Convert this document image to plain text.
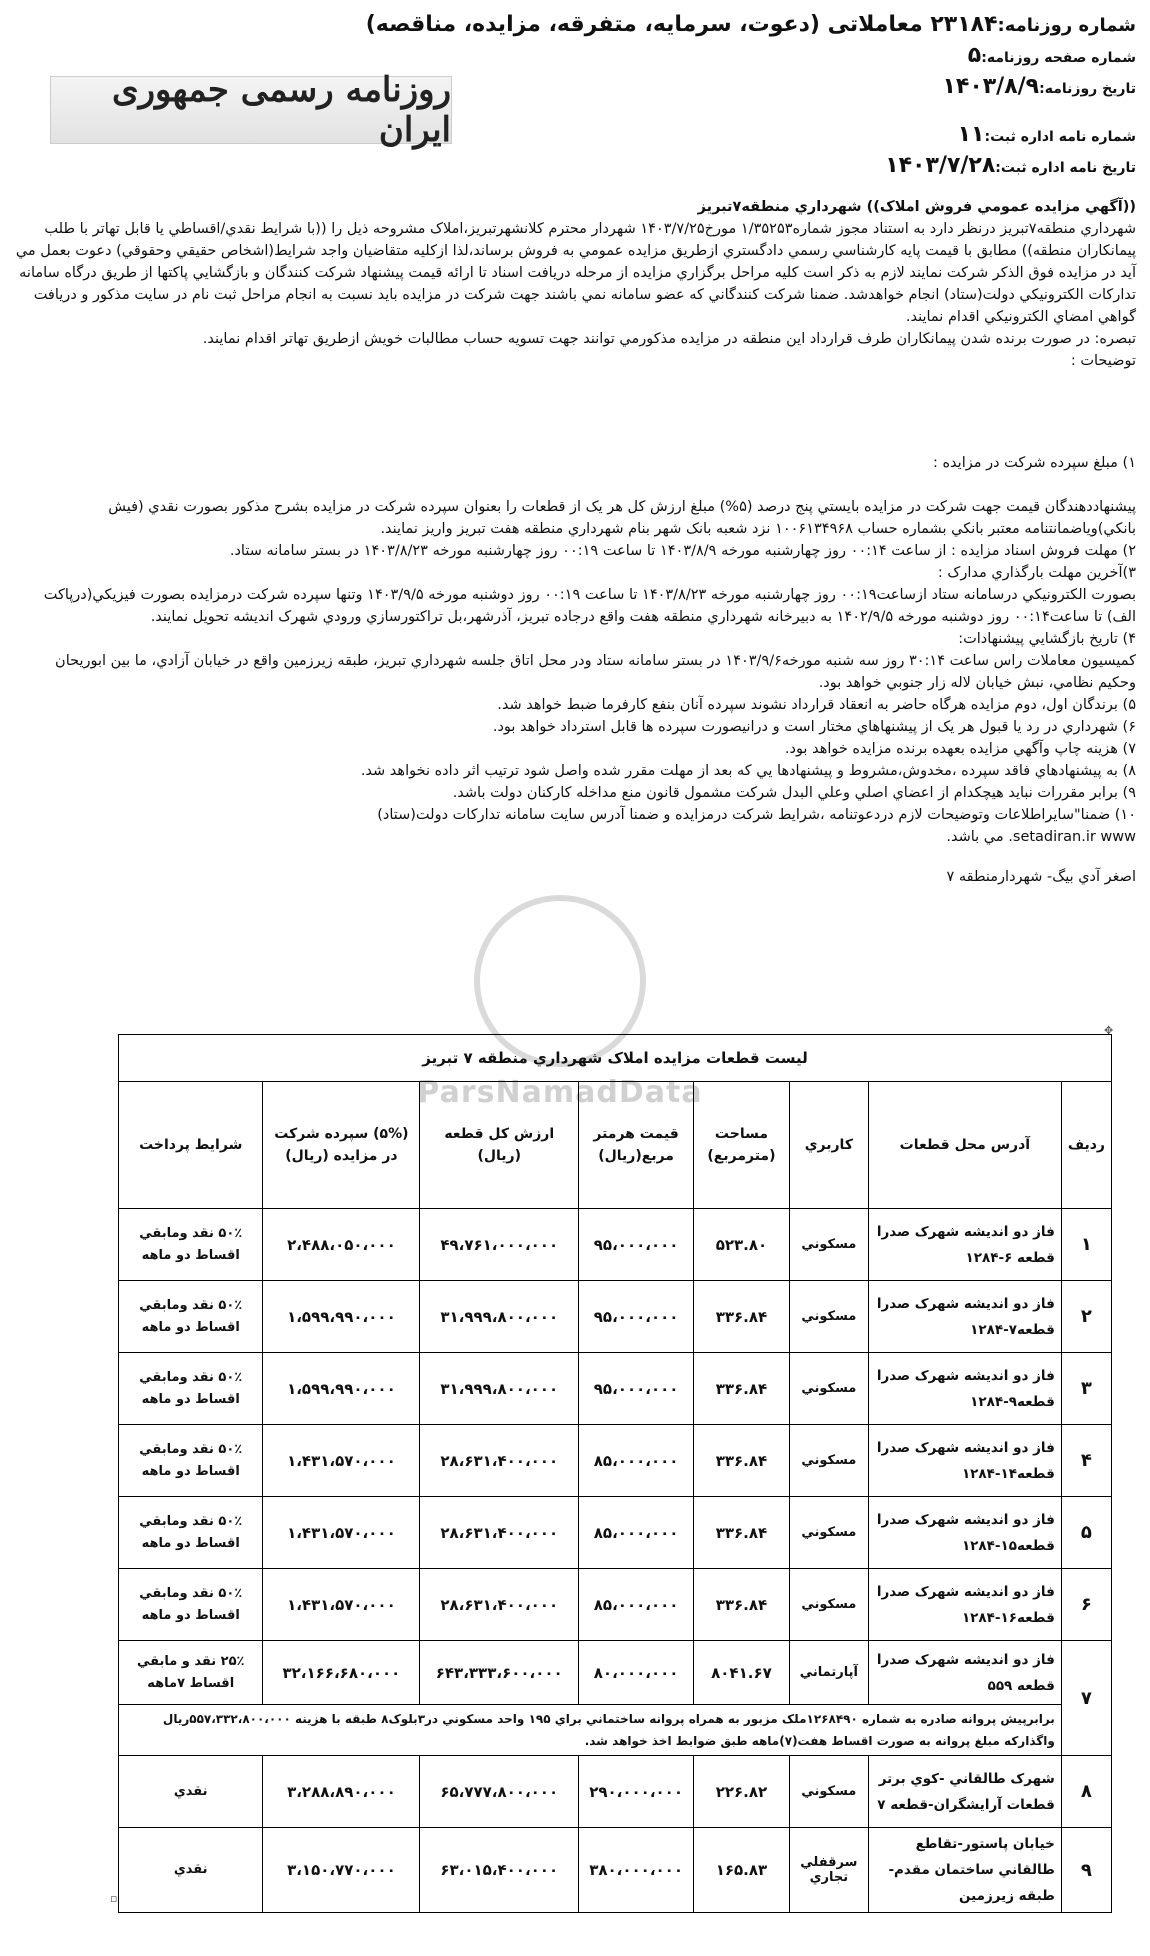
شماره روزنامه:۲۳۱۸۴ معاملاتی (دعوت، سرمایه، متفرقه، مزایده، مناقصه)
شماره صفحه روزنامه:۵
تاریخ روزنامه:۱۴۰۳/۸/۹
روزنامه رسمی جمهوری ایران	شماره نامه اداره ثبت:۱۱
تاریخ نامه اداره ثبت:۱۴۰۳/۷/۲۸

((آگهي مزايده عمومي فروش املاک)) شهرداري منطقه۷تبريز

شهرداري منطقه۷تبريز درنظر دارد به استناد مجوز شماره۱/۳۵۲۵۳ مورخ۱۴۰۳/۷/۲۵ شهردار محترم کلانشهرتبريز،املاک مشروحه ذيل را ((با شرايط نقدي/اقساطي يا قابل تهاتر با طلب پيمانکاران منطقه)) مطابق با قيمت پايه کارشناسي رسمي دادگستري ازطريق مزايده عمومي به فروش برساند،لذا ازکليه متقاضيان واجد شرايط(اشخاص حقيقي وحقوقي) دعوت بعمل مي آيد در مزايده فوق الذکر شرکت نمايند لازم به ذکر است کليه مراحل برگزاري مزايده از مرحله دريافت اسناد تا ارائه قيمت پيشنهاد شرکت کنندگان و بازگشايي پاکتها از طريق درگاه سامانه تدارکات الکترونيکي دولت(ستاد) انجام خواهدشد. ضمنا شرکت کنندگاني که عضو سامانه نمي باشند جهت شرکت در مزايده بايد نسبت به انجام مراحل ثبت نام در سايت مذکور و دريافت گواهي امضاي الکترونيکي اقدام نمايند.

تبصره: در صورت برنده شدن پيمانکاران طرف قرارداد اين منطقه در مزايده مذکورمي توانند جهت تسويه حساب مطالبات خويش ازطريق تهاتر اقدام نمايند.

توضيحات :

۱) مبلغ سپرده شرکت در مزايده :

پيشنهاددهندگان قيمت جهت شرکت در مزايده بايستي پنج درصد (۵%) مبلغ ارزش کل هر يک از قطعات را بعنوان سپرده شرکت در مزايده بشرح مذکور بصورت نقدي (فيش بانکي)وياضمانتنامه معتبر بانکي بشماره حساب ۱۰۰۶۱۳۴۹۶۸ نزد شعبه بانک شهر بنام شهرداري منطقه هفت تبريز واريز نمايند.

۲) مهلت فروش اسناد مزايده : از ساعت ۰۰:۱۴ روز چهارشنبه مورخه ۱۴۰۳/۸/۹ تا ساعت ۰۰:۱۹ روز چهارشنبه مورخه ۱۴۰۳/۸/۲۳ در بستر سامانه ستاد.

۳)آخرين مهلت بارگذاري مدارک :

بصورت الکترونيکي درسامانه ستاد ازساعت۰۰:۱۹ روز چهارشنبه مورخه ۱۴۰۳/۸/۲۳ تا ساعت ۰۰:۱۹ روز دوشنبه مورخه ۱۴۰۳/۹/۵ وتنها سپرده شرکت درمزايده بصورت فيزيکي(درپاکت الف) تا ساعت۰۰:۱۴ روز دوشنبه مورخه ۱۴۰۲/۹/۵ به دبيرخانه شهرداري منطقه هفت واقع درجاده تبريز، آذرشهر،بل تراکتورسازي ورودي شهرک انديشه تحويل نمايند.

۴) تاريخ بازگشايي پيشنهادات:

کميسيون معاملات راس ساعت ۳۰:۱۴ روز سه شنبه مورخه۱۴۰۳/۹/۶ در بستر سامانه ستاد ودر محل اتاق جلسه شهرداري تبريز، طبقه زيرزمين واقع در خيابان آزادي، ما بين ابوريحان وحکيم نظامي، نبش خيابان لاله زار جنوبي خواهد بود.

۵) برندگان اول، دوم مزايده هرگاه حاضر به انعقاد قرارداد نشوند سپرده آنان بنفع کارفرما ضبط خواهد شد.

۶) شهرداري در رد يا قبول هر يک از پيشنهاهاي مختار است و درانيصورت سپرده ها قابل استرداد خواهد بود.

۷) هزينه چاپ وآگهي مزايده بعهده برنده مزايده خواهد بود.

۸) به پيشنهادهاي فاقد سپرده ،مخدوش،مشروط و پيشنهادها يي که بعد از مهلت مقرر شده واصل شود ترتيب اثر داده نخواهد شد.

۹) برابر مقررات نبايد هيچکدام از اعضاي اصلي وعلي البدل شرکت مشمول قانون منع مداخله کارکنان دولت باشد.

۱۰) ضمنا"سايراطلاعات وتوضيحات لازم دردعوتنامه ،شرايط شرکت درمزايده و ضمنا آدرس سايت سامانه تدارکات دولت(ستاد)

setadiran.ir www. مي باشد.

اصغر آدي بيگ- شهردارمنطقه ۷

ParsNamadData
✥
ليست قطعات مزايده املاک شهرداري منطقه ۷ تبريز							
رديف	آدرس محل قطعات	کاربري	مساحت (مترمربع)	قيمت هرمتر مربع(ريال)	ارزش کل قطعه (ريال)	(۵%) سپرده شرکت در مزايده (ريال)	شرايط پرداخت
۱	فاز دو انديشه شهرک صدرا قطعه ۶-۱۲۸۴	مسکوني	۵۲۳.۸۰	۹۵،۰۰۰،۰۰۰	۴۹،۷۶۱،۰۰۰،۰۰۰	۲،۴۸۸،۰۵۰،۰۰۰	۵۰٪ نقد ومابقي اقساط دو ماهه
۲	فاز دو انديشه شهرک صدرا قطعه۷-۱۲۸۴	مسکوني	۳۳۶.۸۴	۹۵،۰۰۰،۰۰۰	۳۱،۹۹۹،۸۰۰،۰۰۰	۱،۵۹۹،۹۹۰،۰۰۰	۵۰٪ نقد ومابقي اقساط دو ماهه
۳	فاز دو انديشه شهرک صدرا قطعه۹-۱۲۸۴	مسکوني	۳۳۶.۸۴	۹۵،۰۰۰،۰۰۰	۳۱،۹۹۹،۸۰۰،۰۰۰	۱،۵۹۹،۹۹۰،۰۰۰	۵۰٪ نقد ومابقي اقساط دو ماهه
۴	فاز دو انديشه شهرک صدرا قطعه۱۴-۱۲۸۴	مسکوني	۳۳۶.۸۴	۸۵،۰۰۰،۰۰۰	۲۸،۶۳۱،۴۰۰،۰۰۰	۱،۴۳۱،۵۷۰،۰۰۰	۵۰٪ نقد ومابقي اقساط دو ماهه
۵	فاز دو انديشه شهرک صدرا قطعه۱۵-۱۲۸۴	مسکوني	۳۳۶.۸۴	۸۵،۰۰۰،۰۰۰	۲۸،۶۳۱،۴۰۰،۰۰۰	۱،۴۳۱،۵۷۰،۰۰۰	۵۰٪ نقد ومابقي اقساط دو ماهه
۶	فاز دو انديشه شهرک صدرا قطعه۱۶-۱۲۸۴	مسکوني	۳۳۶.۸۴	۸۵،۰۰۰،۰۰۰	۲۸،۶۳۱،۴۰۰،۰۰۰	۱،۴۳۱،۵۷۰،۰۰۰	۵۰٪ نقد ومابقي اقساط دو ماهه
۷	فاز دو انديشه شهرک صدرا قطعه ۵۵۹	آپارتماني	۸۰۴۱.۶۷	۸۰،۰۰۰،۰۰۰	۶۴۳،۳۳۳،۶۰۰،۰۰۰	۳۲،۱۶۶،۶۸۰،۰۰۰	۲۵٪ نقد و مابقي اقساط ۷ماهه
	برابرپيش پروانه صادره به شماره ۱۲۶۸۴۹۰ملک مزبور به همراه پروانه ساختماني براي ۱۹۵ واحد مسکوني در۳بلوک۸ طبقه با هزينه ۵۵۷،۳۳۲،۸۰۰،۰۰۰ريال واگذارکه مبلغ پروانه به صورت اقساط هفت(۷)ماهه طبق ضوابط اخذ خواهد شد.						
۸	شهرک طالقاني -کوي برتر قطعات آرايشگران-قطعه ۷	مسکوني	۲۲۶.۸۲	۲۹۰،۰۰۰،۰۰۰	۶۵،۷۷۷،۸۰۰،۰۰۰	۳،۲۸۸،۸۹۰،۰۰۰	نقدي
۹	خيابان پاستور-تقاطع طالقاني ساختمان مقدم-طبقه زيرزمين	سرقفلي تجاري	۱۶۵.۸۳	۳۸۰،۰۰۰،۰۰۰	۶۳،۰۱۵،۴۰۰،۰۰۰	۳،۱۵۰،۷۷۰،۰۰۰	نقدي
▫
